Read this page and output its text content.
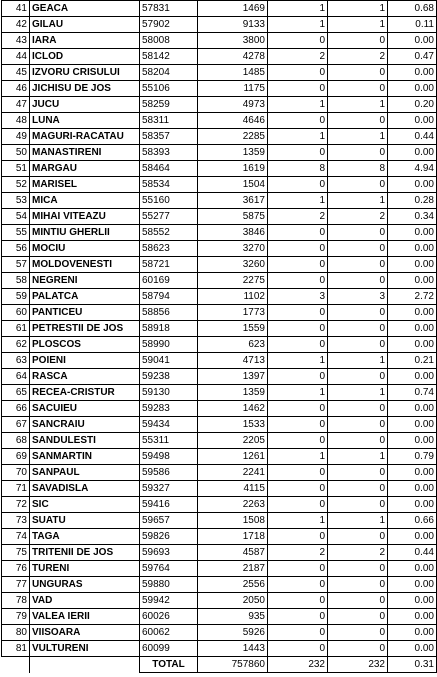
41	GEACA	57831	1469	1	1	0.68
42	GILAU	57902	9133	1	1	0.11
43	IARA	58008	3800	0	0	0.00
44	ICLOD	58142	4278	2	2	0.47
45	IZVORU CRISULUI	58204	1485	0	0	0.00
46	JICHISU DE JOS	55106	1175	0	0	0.00
47	JUCU	58259	4973	1	1	0.20
48	LUNA	58311	4646	0	0	0.00
49	MAGURI-RACATAU	58357	2285	1	1	0.44
50	MANASTIRENI	58393	1359	0	0	0.00
51	MARGAU	58464	1619	8	8	4.94
52	MARISEL	58534	1504	0	0	0.00
53	MICA	55160	3617	1	1	0.28
54	MIHAI VITEAZU	55277	5875	2	2	0.34
55	MINTIU GHERLII	58552	3846	0	0	0.00
56	MOCIU	58623	3270	0	0	0.00
57	MOLDOVENESTI	58721	3260	0	0	0.00
58	NEGRENI	60169	2275	0	0	0.00
59	PALATCA	58794	1102	3	3	2.72
60	PANTICEU	58856	1773	0	0	0.00
61	PETRESTII DE JOS	58918	1559	0	0	0.00
62	PLOSCOS	58990	623	0	0	0.00
63	POIENI	59041	4713	1	1	0.21
64	RASCA	59238	1397	0	0	0.00
65	RECEA-CRISTUR	59130	1359	1	1	0.74
66	SACUIEU	59283	1462	0	0	0.00
67	SANCRAIU	59434	1533	0	0	0.00
68	SANDULESTI	55311	2205	0	0	0.00
69	SANMARTIN	59498	1261	1	1	0.79
70	SANPAUL	59586	2241	0	0	0.00
71	SAVADISLA	59327	4115	0	0	0.00
72	SIC	59416	2263	0	0	0.00
73	SUATU	59657	1508	1	1	0.66
74	TAGA	59826	1718	0	0	0.00
75	TRITENII DE JOS	59693	4587	2	2	0.44
76	TURENI	59764	2187	0	0	0.00
77	UNGURAS	59880	2556	0	0	0.00
78	VAD	59942	2050	0	0	0.00
79	VALEA IERII	60026	935	0	0	0.00
80	VIISOARA	60062	5926	0	0	0.00
81	VULTURENI	60099	1443	0	0	0.00
		TOTAL	757860	232	232	0.31
